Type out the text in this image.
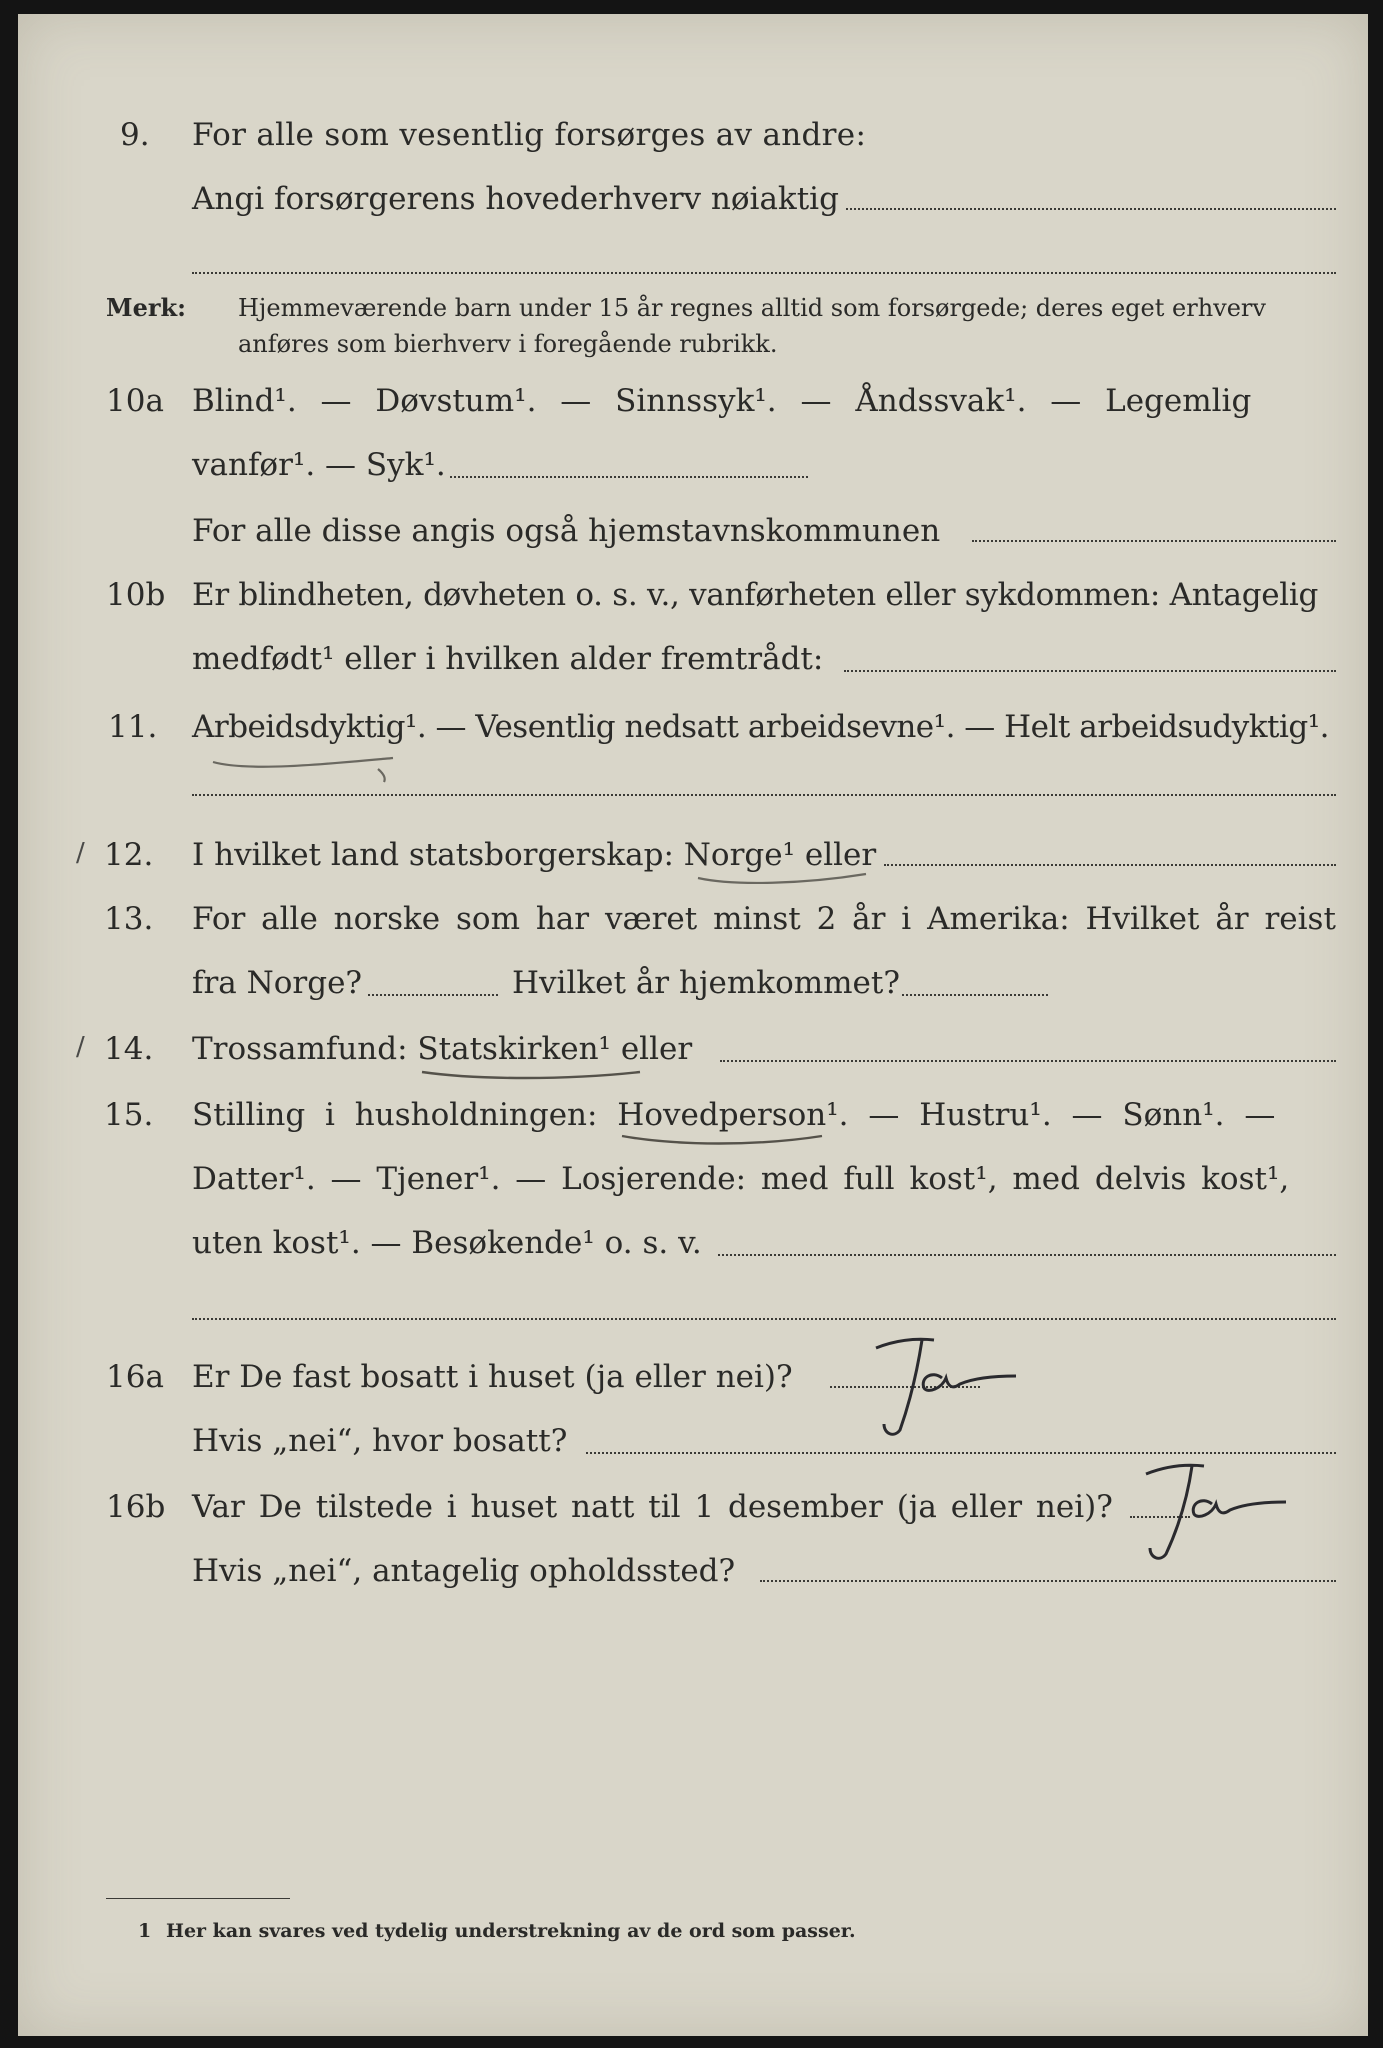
9. For alle som vesentlig forsørges av andre:
Angi forsørgerens hovederhverv nøiaktig
Merk: Hjemmeværende barn under 15 år regnes alltid som forsørgede; deres eget erhverv
anføres som bierhverv i foregående rubrikk.
10a Blind¹. — Døvstum¹. — Sinnssyk¹. — Åndssvak¹. — Legemlig
vanfør¹. — Syk¹.
For alle disse angis også hjemstavnskommunen
10b Er blindheten, døvheten o. s. v., vanførheten eller sykdommen: Antagelig
medfødt¹ eller i hvilken alder fremtrådt:
11. Arbeidsdyktig¹. — Vesentlig nedsatt arbeidsevne¹. — Helt arbeidsudyktig¹.
/ 12. I hvilket land statsborgerskap: Norge¹ eller
13. For alle norske som har været minst 2 år i Amerika: Hvilket år reist
fra Norge?	Hvilket år hjemkommet?
/ 14. Trossamfund: Statskirken¹ eller
15. Stilling i husholdningen: Hovedperson¹. — Hustru¹. — Sønn¹. —
Datter¹. — Tjener¹. — Losjerende: med full kost¹, med delvis kost¹,
uten kost¹. — Besøkende¹ o. s. v.
16a Er De fast bosatt i huset (ja eller nei)?
Ja
Hvis „nei“, hvor bosatt?
16b Var De tilstede i huset natt til 1 desember (ja eller nei)?
Ja
Hvis „nei“, antagelig opholdssted?
1 Her kan svares ved tydelig understrekning av de ord som passer.
